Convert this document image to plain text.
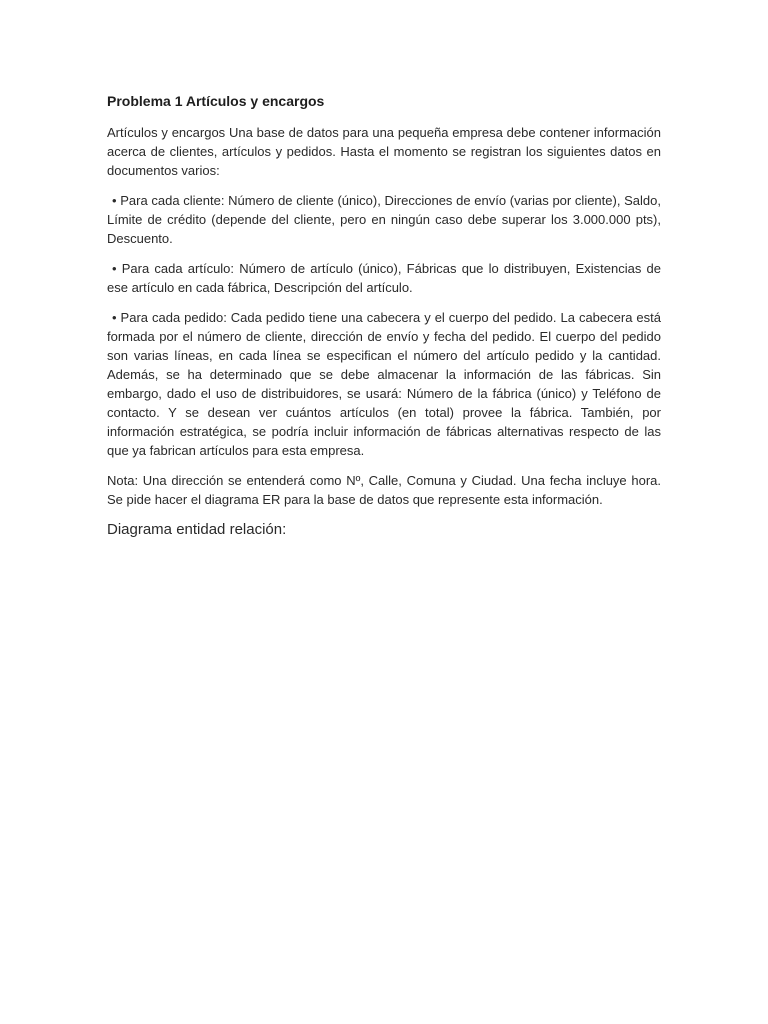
Problema 1 Artículos y encargos

Artículos y encargos Una base de datos para una pequeña empresa debe contener información acerca de clientes, artículos y pedidos. Hasta el momento se registran los siguientes datos en documentos varios:

• Para cada cliente: Número de cliente (único), Direcciones de envío (varias por cliente), Saldo, Límite de crédito (depende del cliente, pero en ningún caso debe superar los 3.000.000 pts), Descuento.

• Para cada artículo: Número de artículo (único), Fábricas que lo distribuyen, Existencias de ese artículo en cada fábrica, Descripción del artículo.

• Para cada pedido: Cada pedido tiene una cabecera y el cuerpo del pedido. La cabecera está formada por el número de cliente, dirección de envío y fecha del pedido. El cuerpo del pedido son varias líneas, en cada línea se especifican el número del artículo pedido y la cantidad. Además, se ha determinado que se debe almacenar la información de las fábricas. Sin embargo, dado el uso de distribuidores, se usará: Número de la fábrica (único) y Teléfono de contacto. Y se desean ver cuántos artículos (en total) provee la fábrica. También, por información estratégica, se podría incluir información de fábricas alternativas respecto de las que ya fabrican artículos para esta empresa.

Nota: Una dirección se entenderá como Nº, Calle, Comuna y Ciudad. Una fecha incluye hora. Se pide hacer el diagrama ER para la base de datos que represente esta información.

Diagrama entidad relación:
